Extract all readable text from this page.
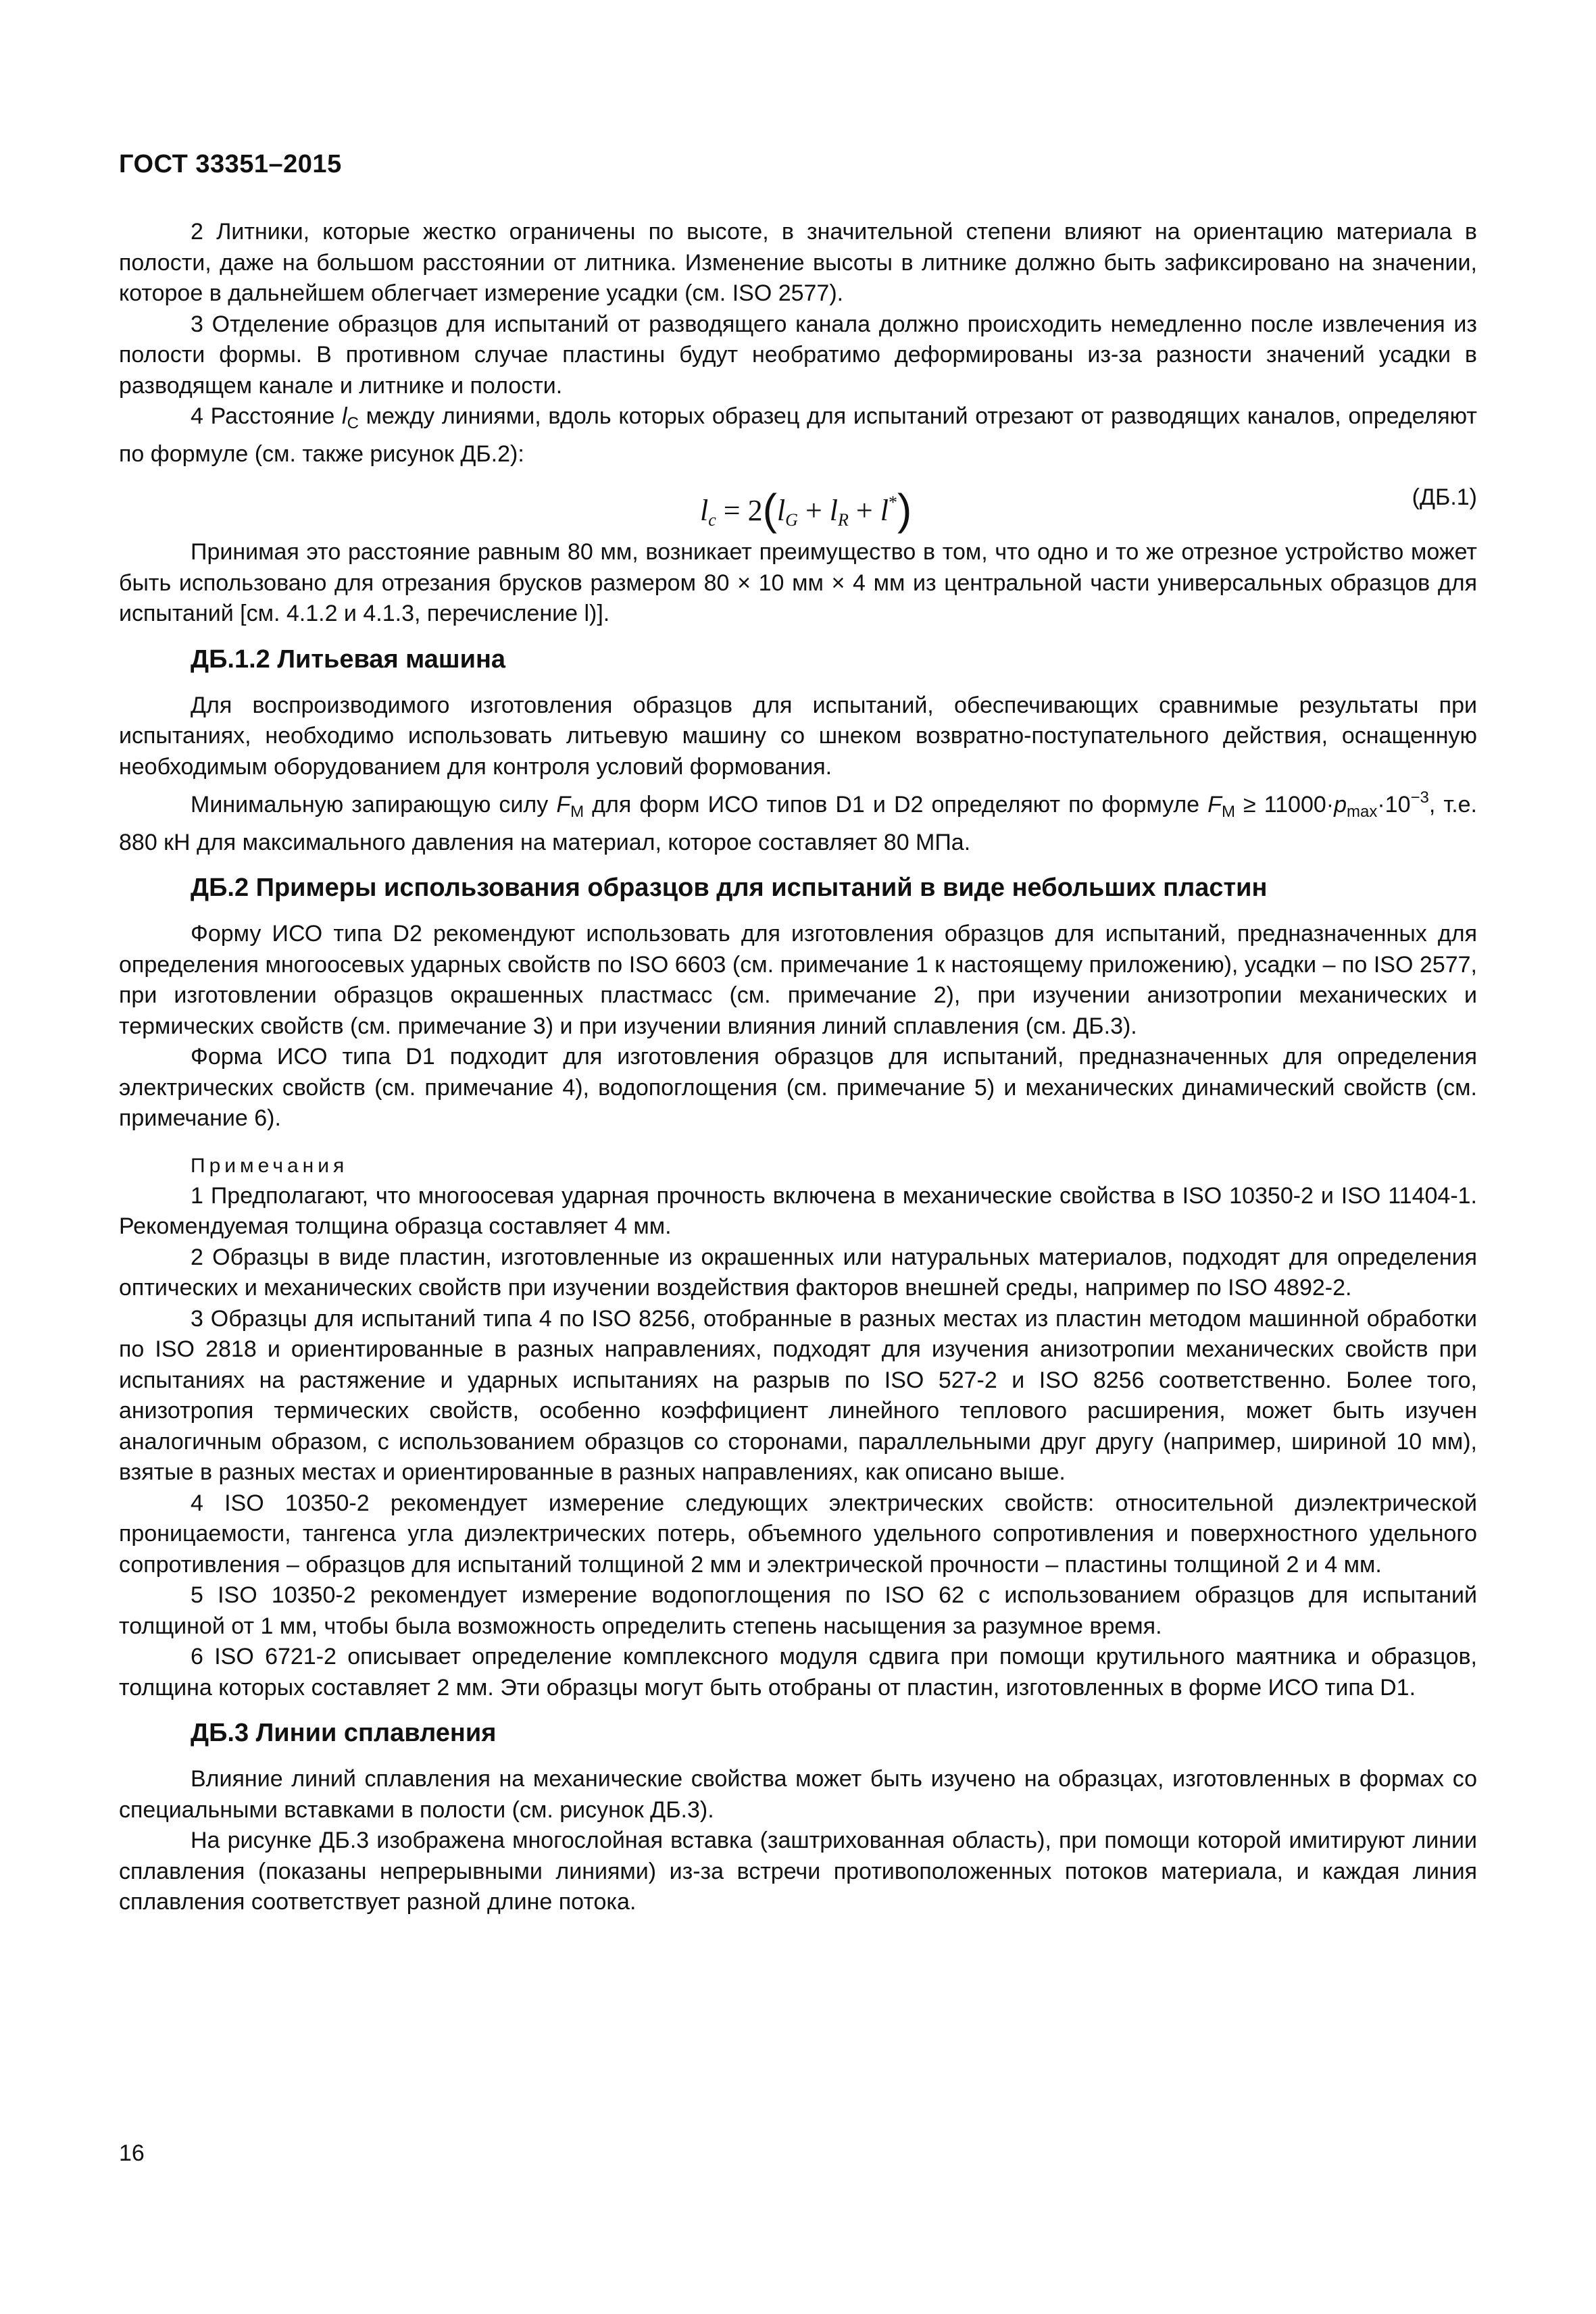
ГОСТ 33351–2015

2 Литники, которые жестко ограничены по высоте, в значительной степени влияют на ориентацию материала в полости, даже на большом расстоянии от литника. Изменение высоты в литнике должно быть зафиксировано на значении, которое в дальнейшем облегчает измерение усадки (см. ISO 2577).

3 Отделение образцов для испытаний от разводящего канала должно происходить немедленно после извлечения из полости формы. В противном случае пластины будут необратимо деформированы из-за разности значений усадки в разводящем канале и литнике и полости.

4 Расстояние $l_C$ между линиями, вдоль которых образец для испытаний отрезают от разводящих каналов, определяют по формуле (см. также рисунок ДБ.2):

$l_c = 2(l_G + l_R + l^*)$	(ДБ.1)

Принимая это расстояние равным 80 мм, возникает преимущество в том, что одно и то же отрезное устройство может быть использовано для отрезания брусков размером 80 × 10 мм × 4 мм из центральной части универсальных образцов для испытаний [см. 4.1.2 и 4.1.3, перечисление l)].

ДБ.1.2 Литьевая машина

Для воспроизводимого изготовления образцов для испытаний, обеспечивающих сравнимые результаты при испытаниях, необходимо использовать литьевую машину со шнеком возвратно-поступательного действия, оснащенную необходимым оборудованием для контроля условий формования.

Минимальную запирающую силу $F_M$ для форм ИСО типов D1 и D2 определяют по формуле $F_M \ge 11000\cdot p_{max}\cdot 10^{-3}$, т.е. 880 кН для максимального давления на материал, которое составляет 80 МПа.

ДБ.2 Примеры использования образцов для испытаний в виде небольших пластин

Форму ИСО типа D2 рекомендуют использовать для изготовления образцов для испытаний, предназначенных для определения многоосевых ударных свойств по ISO 6603 (см. примечание 1 к настоящему приложению), усадки – по ISO 2577, при изготовлении образцов окрашенных пластмасс (см. примечание 2), при изучении анизотропии механических и термических свойств (см. примечание 3) и при изучении влияния линий сплавления (см. ДБ.3).

Форма ИСО типа D1 подходит для изготовления образцов для испытаний, предназначенных для определения электрических свойств (см. примечание 4), водопоглощения (см. примечание 5) и механических динамический свойств (см. примечание 6).

Примечания

1 Предполагают, что многоосевая ударная прочность включена в механические свойства в ISO 10350-2 и ISO 11404-1. Рекомендуемая толщина образца составляет 4 мм.

2 Образцы в виде пластин, изготовленные из окрашенных или натуральных материалов, подходят для определения оптических и механических свойств при изучении воздействия факторов внешней среды, например по ISO 4892-2.

3 Образцы для испытаний типа 4 по ISO 8256, отобранные в разных местах из пластин методом машинной обработки по ISO 2818 и ориентированные в разных направлениях, подходят для изучения анизотропии механических свойств при испытаниях на растяжение и ударных испытаниях на разрыв по ISO 527-2 и ISO 8256 соответственно. Более того, анизотропия термических свойств, особенно коэффициент линейного теплового расширения, может быть изучен аналогичным образом, с использованием образцов со сторонами, параллельными друг другу (например, шириной 10 мм), взятые в разных местах и ориентированные в разных направлениях, как описано выше.

4 ISO 10350-2 рекомендует измерение следующих электрических свойств: относительной диэлектрической проницаемости, тангенса угла диэлектрических потерь, объемного удельного сопротивления и поверхностного удельного сопротивления – образцов для испытаний толщиной 2 мм и электрической прочности – пластины толщиной 2 и 4 мм.

5 ISO 10350-2 рекомендует измерение водопоглощения по ISO 62 с использованием образцов для испытаний толщиной от 1 мм, чтобы была возможность определить степень насыщения за разумное время.

6 ISO 6721-2 описывает определение комплексного модуля сдвига при помощи крутильного маятника и образцов, толщина которых составляет 2 мм. Эти образцы могут быть отобраны от пластин, изготовленных в форме ИСО типа D1.

ДБ.3 Линии сплавления

Влияние линий сплавления на механические свойства может быть изучено на образцах, изготовленных в формах со специальными вставками в полости (см. рисунок ДБ.3).

На рисунке ДБ.3 изображена многослойная вставка (заштрихованная область), при помощи которой имитируют линии сплавления (показаны непрерывными линиями) из-за встречи противоположенных потоков материала, и каждая линия сплавления соответствует разной длине потока.

16
